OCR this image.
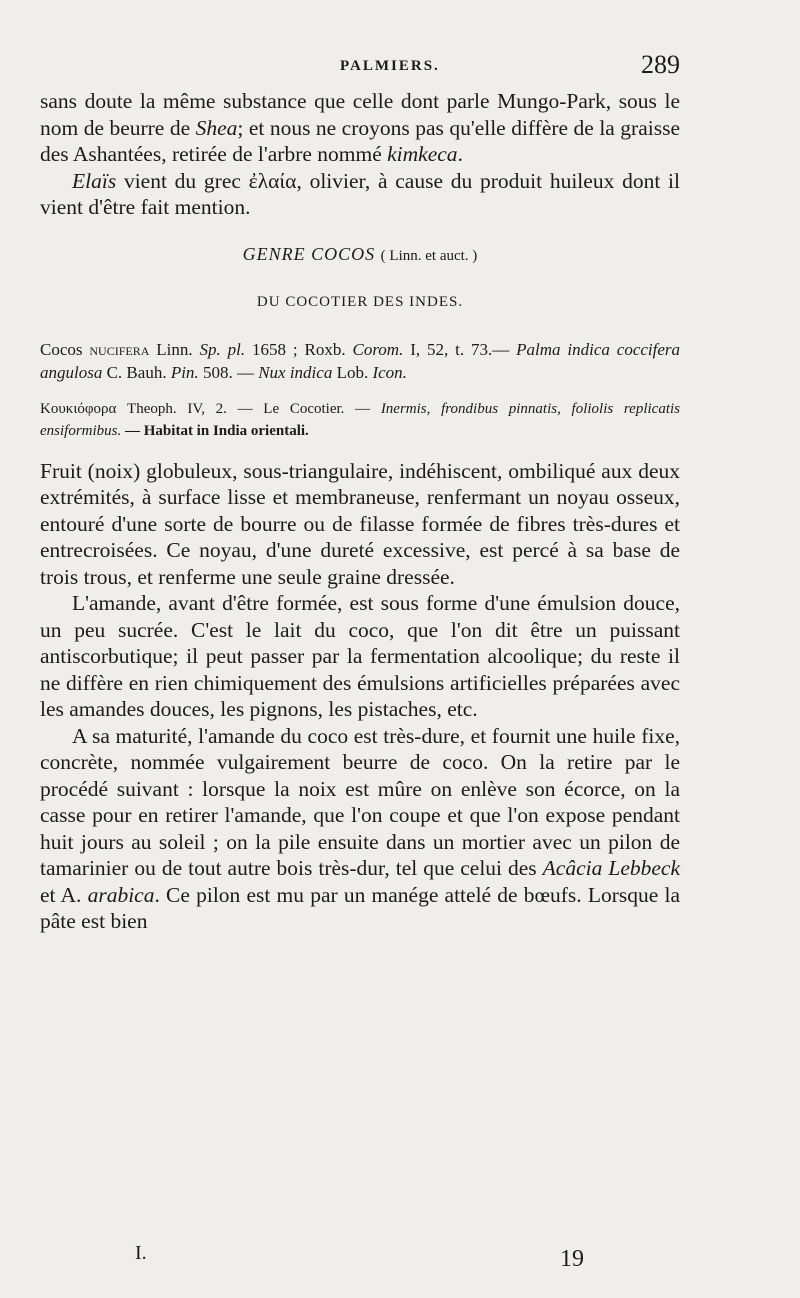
PALMIERS.	289

sans doute la même substance que celle dont parle Mungo-Park, sous le nom de beurre de Shea; et nous ne croyons pas qu'elle diffère de la graisse des Ashantées, retirée de l'arbre nommé kimkeca.

Elaïs vient du grec ἐλαία, olivier, à cause du produit huileux dont il vient d'être fait mention.

GENRE COCOS ( Linn. et auct. )
DU COCOTIER DES INDES.
Cocos nucifera Linn. Sp. pl. 1658 ; Roxb. Corom. I, 52, t. 73.— Palma indica coccifera angulosa C. Bauh. Pin. 508. — Nux indica Lob. Icon.
Κουκιόφορα Theoph. IV, 2. — Le Cocotier. — Inermis, frondibus pinnatis, foliolis replicatis ensiformibus. — Habitat in India orientali.

Fruit (noix) globuleux, sous-triangulaire, indéhiscent, ombiliqué aux deux extrémités, à surface lisse et membraneuse, renfermant un noyau osseux, entouré d'une sorte de bourre ou de filasse formée de fibres très-dures et entrecroisées. Ce noyau, d'une dureté excessive, est percé à sa base de trois trous, et renferme une seule graine dressée.

L'amande, avant d'être formée, est sous forme d'une émulsion douce, un peu sucrée. C'est le lait du coco, que l'on dit être un puissant antiscorbutique; il peut passer par la fermentation alcoolique; du reste il ne diffère en rien chimiquement des émulsions artificielles préparées avec les amandes douces, les pignons, les pistaches, etc.

A sa maturité, l'amande du coco est très-dure, et fournit une huile fixe, concrète, nommée vulgairement beurre de coco. On la retire par le procédé suivant : lorsque la noix est mûre on enlève son écorce, on la casse pour en retirer l'amande, que l'on coupe et que l'on expose pendant huit jours au soleil ; on la pile ensuite dans un mortier avec un pilon de tamarinier ou de tout autre bois très-dur, tel que celui des Acâcia Lebbeck et A. arabica. Ce pilon est mu par un manége attelé de bœufs. Lorsque la pâte est bien

I.	19
